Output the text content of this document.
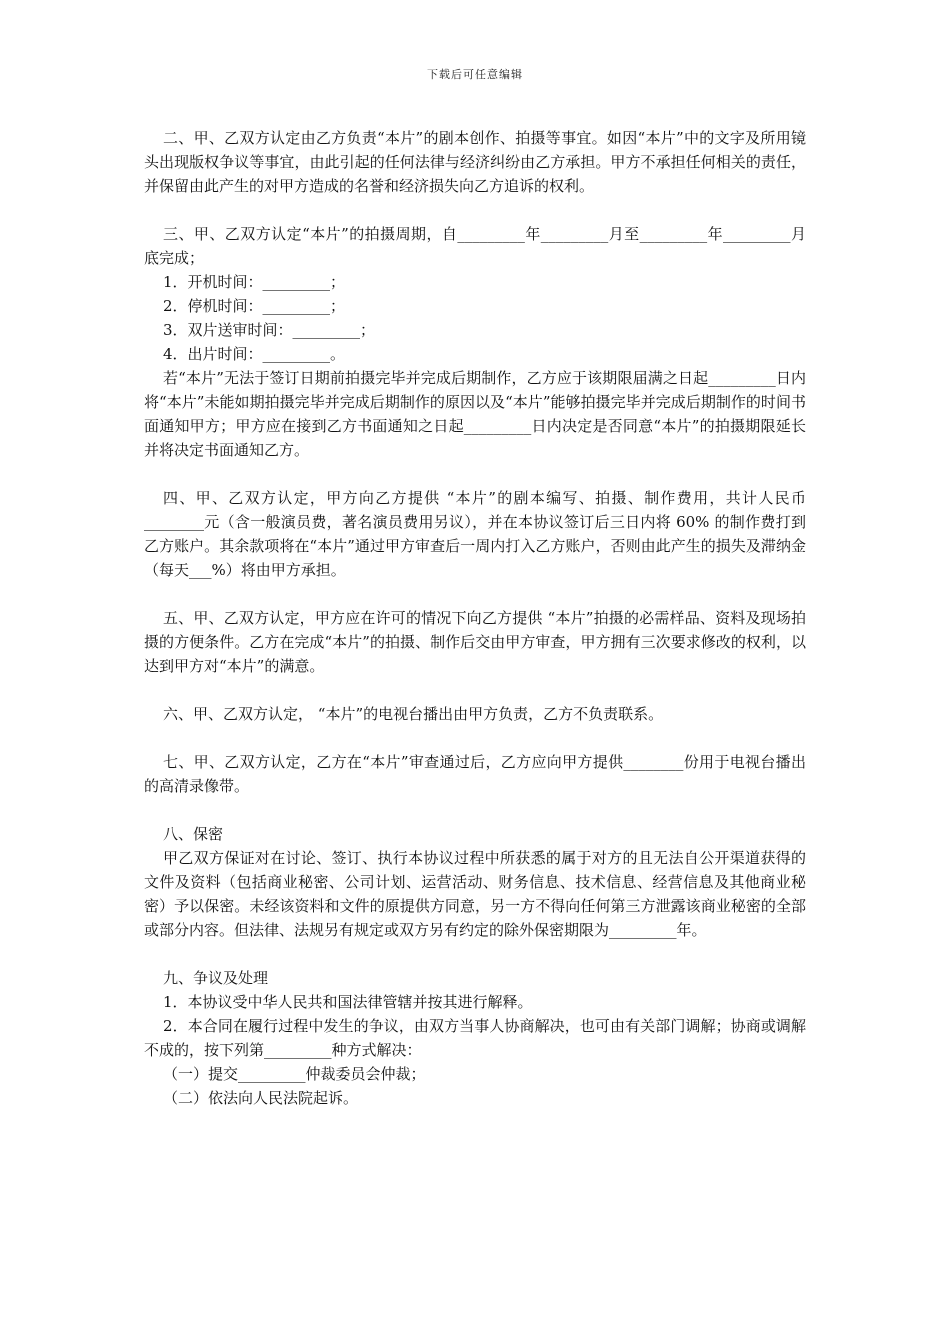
下载后可任意编辑

二、甲、乙双方认定由乙方负责“本片”的剧本创作、拍摄等事宜。如因“本片”中的文字及所用镜头出现版权争议等事宜，由此引起的任何法律与经济纠纷由乙方承担。甲方不承担任何相关的责任，并保留由此产生的对甲方造成的名誉和经济损失向乙方追诉的权利。

三、甲、乙双方认定“本片”的拍摄周期，自_________年_________月至_________年_________月底完成；

1．开机时间：_________；

2．停机时间：_________；

3．双片送审时间：_________；

4．出片时间：_________。

若“本片”无法于签订日期前拍摄完毕并完成后期制作，乙方应于该期限届满之日起_________日内将“本片”未能如期拍摄完毕并完成后期制作的原因以及“本片”能够拍摄完毕并完成后期制作的时间书面通知甲方；甲方应在接到乙方书面通知之日起_________日内决定是否同意“本片”的拍摄期限延长并将决定书面通知乙方。

四、甲、乙双方认定，甲方向乙方提供 “本片”的剧本编写、拍摄、制作费用，共计人民币________元（含一般演员费，著名演员费用另议），并在本协议签订后三日内将 60% 的制作费打到乙方账户。其余款项将在“本片”通过甲方审查后一周内打入乙方账户，否则由此产生的损失及滞纳金（每天___%）将由甲方承担。

五、甲、乙双方认定，甲方应在许可的情况下向乙方提供 “本片”拍摄的必需样品、资料及现场拍摄的方便条件。乙方在完成“本片”的拍摄、制作后交由甲方审查，甲方拥有三次要求修改的权利，以达到甲方对“本片”的满意。

六、甲、乙双方认定， “本片”的电视台播出由甲方负责，乙方不负责联系。

七、甲、乙双方认定，乙方在“本片”审查通过后，乙方应向甲方提供________份用于电视台播出的高清录像带。

八、保密

甲乙双方保证对在讨论、签订、执行本协议过程中所获悉的属于对方的且无法自公开渠道获得的文件及资料（包括商业秘密、公司计划、运营活动、财务信息、技术信息、经营信息及其他商业秘密）予以保密。未经该资料和文件的原提供方同意，另一方不得向任何第三方泄露该商业秘密的全部或部分内容。但法律、法规另有规定或双方另有约定的除外保密期限为_________年。

九、争议及处理

1．本协议受中华人民共和国法律管辖并按其进行解释。

2．本合同在履行过程中发生的争议，由双方当事人协商解决，也可由有关部门调解；协商或调解不成的，按下列第_________种方式解决：

（一）提交_________仲裁委员会仲裁；

（二）依法向人民法院起诉。
